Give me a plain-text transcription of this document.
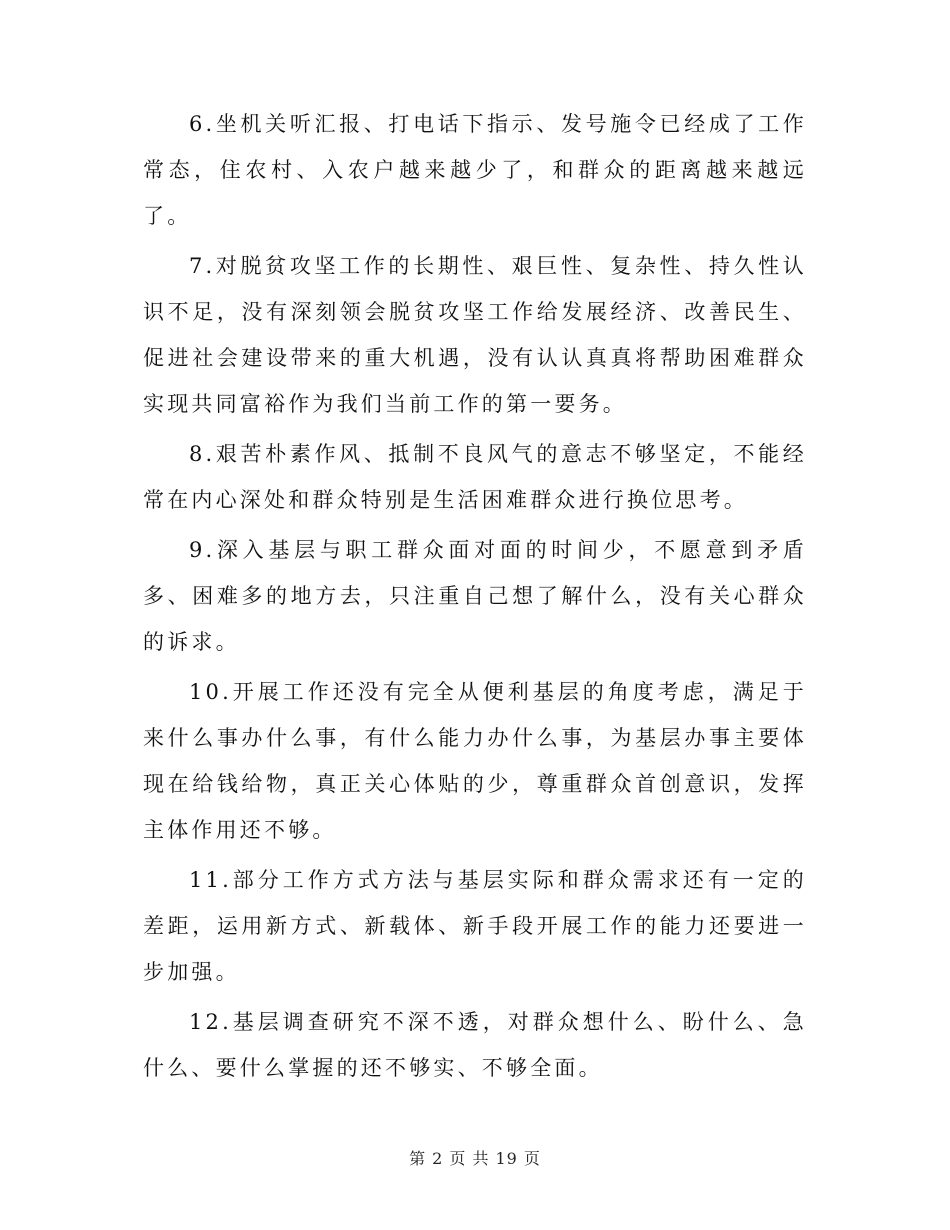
6.坐机关听汇报、打电话下指示、发号施令已经成了工作常态，住农村、入农户越来越少了，和群众的距离越来越远了。

7.对脱贫攻坚工作的长期性、艰巨性、复杂性、持久性认识不足，没有深刻领会脱贫攻坚工作给发展经济、改善民生、促进社会建设带来的重大机遇，没有认认真真将帮助困难群众实现共同富裕作为我们当前工作的第一要务。

8.艰苦朴素作风、抵制不良风气的意志不够坚定，不能经常在内心深处和群众特别是生活困难群众进行换位思考。

9.深入基层与职工群众面对面的时间少，不愿意到矛盾多、困难多的地方去，只注重自己想了解什么，没有关心群众的诉求。

10.开展工作还没有完全从便利基层的角度考虑，满足于来什么事办什么事，有什么能力办什么事，为基层办事主要体现在给钱给物，真正关心体贴的少，尊重群众首创意识，发挥主体作用还不够。

11.部分工作方式方法与基层实际和群众需求还有一定的差距，运用新方式、新载体、新手段开展工作的能力还要进一步加强。

12.基层调查研究不深不透，对群众想什么、盼什么、急什么、要什么掌握的还不够实、不够全面。

第 2 页 共 19 页
